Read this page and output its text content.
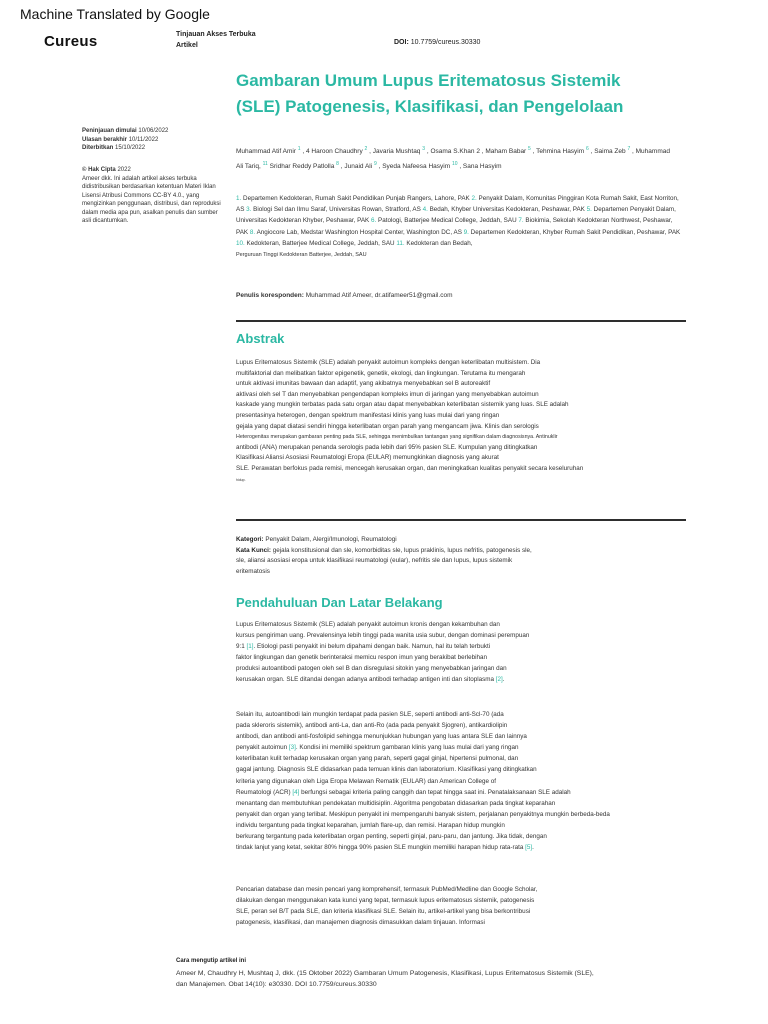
Machine Translated by Google
Cureus	Tinjauan Akses Terbuka
Artikel	DOI: 10.7759/cureus.30330
Gambaran Umum Lupus Eritematosus Sistemik (SLE) Patogenesis, Klasifikasi, dan Pengelolaan
Peninjauan dimulai 10/06/2022
Ulasan berakhir 10/11/2022
Diterbitkan 15/10/2022
© Hak Cipta 2022
Ameer dkk. Ini adalah artikel akses terbuka didistribusikan berdasarkan ketentuan Materi Iklan Lisensi Atribusi Commons CC-BY 4.0., yang mengizinkan penggunaan, distribusi, dan reproduksi dalam media apa pun, asalkan penulis dan sumber asli dicantumkan.
Muhammad Atif Amir $^1$ , 4 Haroon Chaudhry $^2$ , Javaria Mushtaq $^3$ , Osama S.Khan 2 , Maham Babar $^5$ , Tehmina Hasyim $^6$ , Saima Zeb $^7$ , Muhammad Ali Tariq, $^{11}$ Sridhar Reddy Patlolla $^8$ , Junaid Ali $^9$ , Syeda Nafeesa Hasyim $^{10}$ , Sana Hasyim
1. Departemen Kedokteran, Rumah Sakit Pendidikan Punjab Rangers, Lahore, PAK 2. Penyakit Dalam, Komunitas Pinggiran Kota Rumah Sakit, East Norriton, AS 3. Biologi Sel dan Ilmu Saraf, Universitas Rowan, Stratford, AS 4. Bedah, Khyber Universitas Kedokteran, Peshawar, PAK 5. Departemen Penyakit Dalam, Universitas Kedokteran Khyber, Peshawar, PAK 6. Patologi, Batterjee Medical College, Jeddah, SAU 7. Biokimia, Sekolah Kedokteran Northwest, Peshawar, PAK 8. Angiocore Lab, Medstar Washington Hospital Center, Washington DC, AS 9. Departemen Kedokteran, Khyber Rumah Sakit Pendidikan, Peshawar, PAK 10. Kedokteran, Batterjee Medical College, Jeddah, SAU 11. Kedokteran dan Bedah,
Perguruan Tinggi Kedokteran Batterjee, Jeddah, SAU
Penulis koresponden: Muhammad Atif Ameer, dr.atifameer51@gmail.com
Abstrak
Lupus Eritematosus Sistemik (SLE) adalah penyakit autoimun kompleks dengan keterlibatan multisistem. Dia
multifaktorial dan melibatkan faktor epigenetik, genetik, ekologi, dan lingkungan. Terutama itu mengarah
untuk aktivasi imunitas bawaan dan adaptif, yang akibatnya menyebabkan sel B autoreaktif
aktivasi oleh sel T dan menyebabkan pengendapan kompleks imun di jaringan yang menyebabkan autoimun
kaskade yang mungkin terbatas pada satu organ atau dapat menyebabkan keterlibatan sistemik yang luas. SLE adalah
presentasinya heterogen, dengan spektrum manifestasi klinis yang luas mulai dari yang ringan
gejala yang dapat diatasi sendiri hingga keterlibatan organ parah yang mengancam jiwa. Klinis dan serologis
Heterogenitas merupakan gambaran penting pada SLE, sehingga menimbulkan tantangan yang signifikan dalam diagnosisnya. Antinuklir
antibodi (ANA) merupakan penanda serologis pada lebih dari 95% pasien SLE. Kumpulan yang ditingkatkan
Klasifikasi Aliansi Asosiasi Reumatologi Eropa (EULAR) memungkinkan diagnosis yang akurat
SLE. Perawatan berfokus pada remisi, mencegah kerusakan organ, dan meningkatkan kualitas penyakit secara keseluruhan
hidup.
Kategori: Penyakit Dalam, Alergi/Imunologi, Reumatologi
Kata Kunci: gejala konstitusional dan sle, komorbiditas sle, lupus praklinis, lupus nefritis, patogenesis sle,
sle, aliansi asosiasi eropa untuk klasifikasi reumatologi (eular), nefritis sle dan lupus, lupus sistemik
eritematosis
Pendahuluan Dan Latar Belakang
Lupus Eritematosus Sistemik (SLE) adalah penyakit autoimun kronis dengan kekambuhan dan
kursus pengiriman uang. Prevalensinya lebih tinggi pada wanita usia subur, dengan dominasi perempuan
9:1 [1]. Etiologi pasti penyakit ini belum dipahami dengan baik. Namun, hal itu telah terbukti
faktor lingkungan dan genetik berinteraksi memicu respon imun yang berakibat berlebihan
produksi autoantibodi patogen oleh sel B dan disregulasi sitokin yang menyebabkan jaringan dan
kerusakan organ. SLE ditandai dengan adanya antibodi terhadap antigen inti dan sitoplasma [2].
Selain itu, autoantibodi lain mungkin terdapat pada pasien SLE, seperti antibodi anti-Scl-70 (ada
pada skleroris sistemik), antibodi anti-La, dan anti-Ro (ada pada penyakit Sjogren), antikardiolipin
antibodi, dan antibodi anti-fosfolipid sehingga menunjukkan hubungan yang luas antara SLE dan lainnya
penyakit autoimun [3]. Kondisi ini memiliki spektrum gambaran klinis yang luas mulai dari yang ringan
keterlibatan kulit terhadap kerusakan organ yang parah, seperti gagal ginjal, hipertensi pulmonal, dan
gagal jantung. Diagnosis SLE didasarkan pada temuan klinis dan laboratorium. Klasifikasi yang ditingkatkan
kriteria yang digunakan oleh Liga Eropa Melawan Rematik (EULAR) dan American College of
Reumatologi (ACR) [4] berfungsi sebagai kriteria paling canggih dan tepat hingga saat ini. Penatalaksanaan SLE adalah
menantang dan membutuhkan pendekatan multidisiplin. Algoritma pengobatan didasarkan pada tingkat keparahan
penyakit dan organ yang terlibat. Meskipun penyakit ini mempengaruhi banyak sistem, perjalanan penyakitnya mungkin berbeda-beda
individu tergantung pada tingkat keparahan, jumlah flare-up, dan remisi. Harapan hidup mungkin
berkurang tergantung pada keterlibatan organ penting, seperti ginjal, paru-paru, dan jantung. Jika tidak, dengan
tindak lanjut yang ketat, sekitar 80% hingga 90% pasien SLE mungkin memiliki harapan hidup rata-rata [5].
Pencarian database dan mesin pencari yang komprehensif, termasuk PubMed/Medline dan Google Scholar,
dilakukan dengan menggunakan kata kunci yang tepat, termasuk lupus eritematosus sistemik, patogenesis
SLE, peran sel B/T pada SLE, dan kriteria klasifikasi SLE. Selain itu, artikel-artikel yang bisa berkontribusi
patogenesis, klasifikasi, dan manajemen diagnosis dimasukkan dalam tinjauan. Informasi
Cara mengutip artikel ini
Ameer M, Chaudhry H, Mushtaq J, dkk. (15 Oktober 2022) Gambaran Umum Patogenesis, Klasifikasi, Lupus Eritematosus Sistemik (SLE),
dan Manajemen. Obat 14(10): e30330. DOI 10.7759/cureus.30330
